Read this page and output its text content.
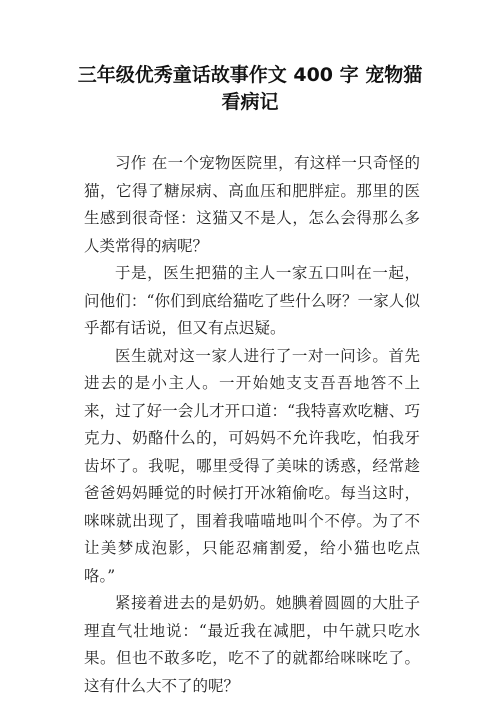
三年级优秀童话故事作文 400 字 宠物猫看病记

习作 在一个宠物医院里，有这样一只奇怪的猫，它得了糖尿病、高血压和肥胖症。那里的医生感到很奇怪：这猫又不是人，怎么会得那么多人类常得的病呢？

于是，医生把猫的主人一家五口叫在一起，问他们：“你们到底给猫吃了些什么呀？一家人似乎都有话说，但又有点迟疑。

医生就对这一家人进行了一对一问诊。首先进去的是小主人。一开始她支支吾吾地答不上来，过了好一会儿才开口道：“我特喜欢吃糖、巧克力、奶酪什么的，可妈妈不允许我吃，怕我牙齿坏了。我呢，哪里受得了美味的诱惑，经常趁爸爸妈妈睡觉的时候打开冰箱偷吃。每当这时，咪咪就出现了，围着我喵喵地叫个不停。为了不让美梦成泡影，只能忍痛割爱，给小猫也吃点咯。”

紧接着进去的是奶奶。她腆着圆圆的大肚子理直气壮地说：“最近我在减肥，中午就只吃水果。但也不敢多吃，吃不了的就都给咪咪吃了。这有什么大不了的呢？
